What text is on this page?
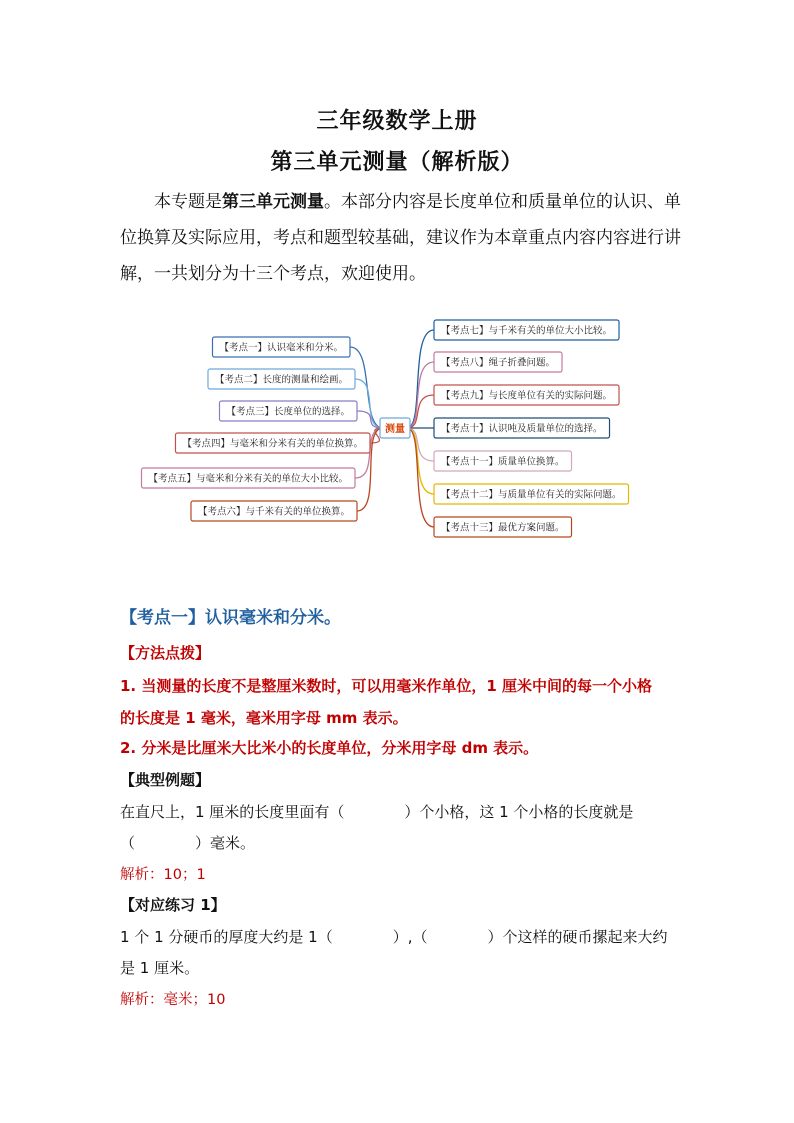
三年级数学上册
第三单元测量（解析版）
本专题是第三单元测量。本部分内容是长度单位和质量单位的认识、单位换算及实际应用，考点和题型较基础，建议作为本章重点内容内容进行讲解，一共划分为十三个考点，欢迎使用。
测量
【考点一】认识毫米和分米。
【考点二】长度的测量和绘画。
【考点三】长度单位的选择。
【考点四】与毫米和分米有关的单位换算。
【考点五】与毫米和分米有关的单位大小比较。
【考点六】与千米有关的单位换算。
【考点七】与千米有关的单位大小比较。
【考点八】绳子折叠问题。
【考点九】与长度单位有关的实际问题。
【考点十】认识吨及质量单位的选择。
【考点十一】质量单位换算。
【考点十二】与质量单位有关的实际问题。
【考点十三】最优方案问题。
【考点一】认识毫米和分米。
【方法点拨】
1. 当测量的长度不是整厘米数时，可以用毫米作单位，1 厘米中间的每一个小格
的长度是 1 毫米，毫米用字母 mm 表示。
2. 分米是比厘米大比米小的长度单位，分米用字母 dm 表示。
【典型例题】
在直尺上，1 厘米的长度里面有（　　　　）个小格，这 1 个小格的长度就是
（　　　　）毫米。
解析：10；1
【对应练习 1】
1 个 1 分硬币的厚度大约是 1（　　　　）,（　　　　）个这样的硬币摞起来大约
是 1 厘米。
解析：毫米；10
